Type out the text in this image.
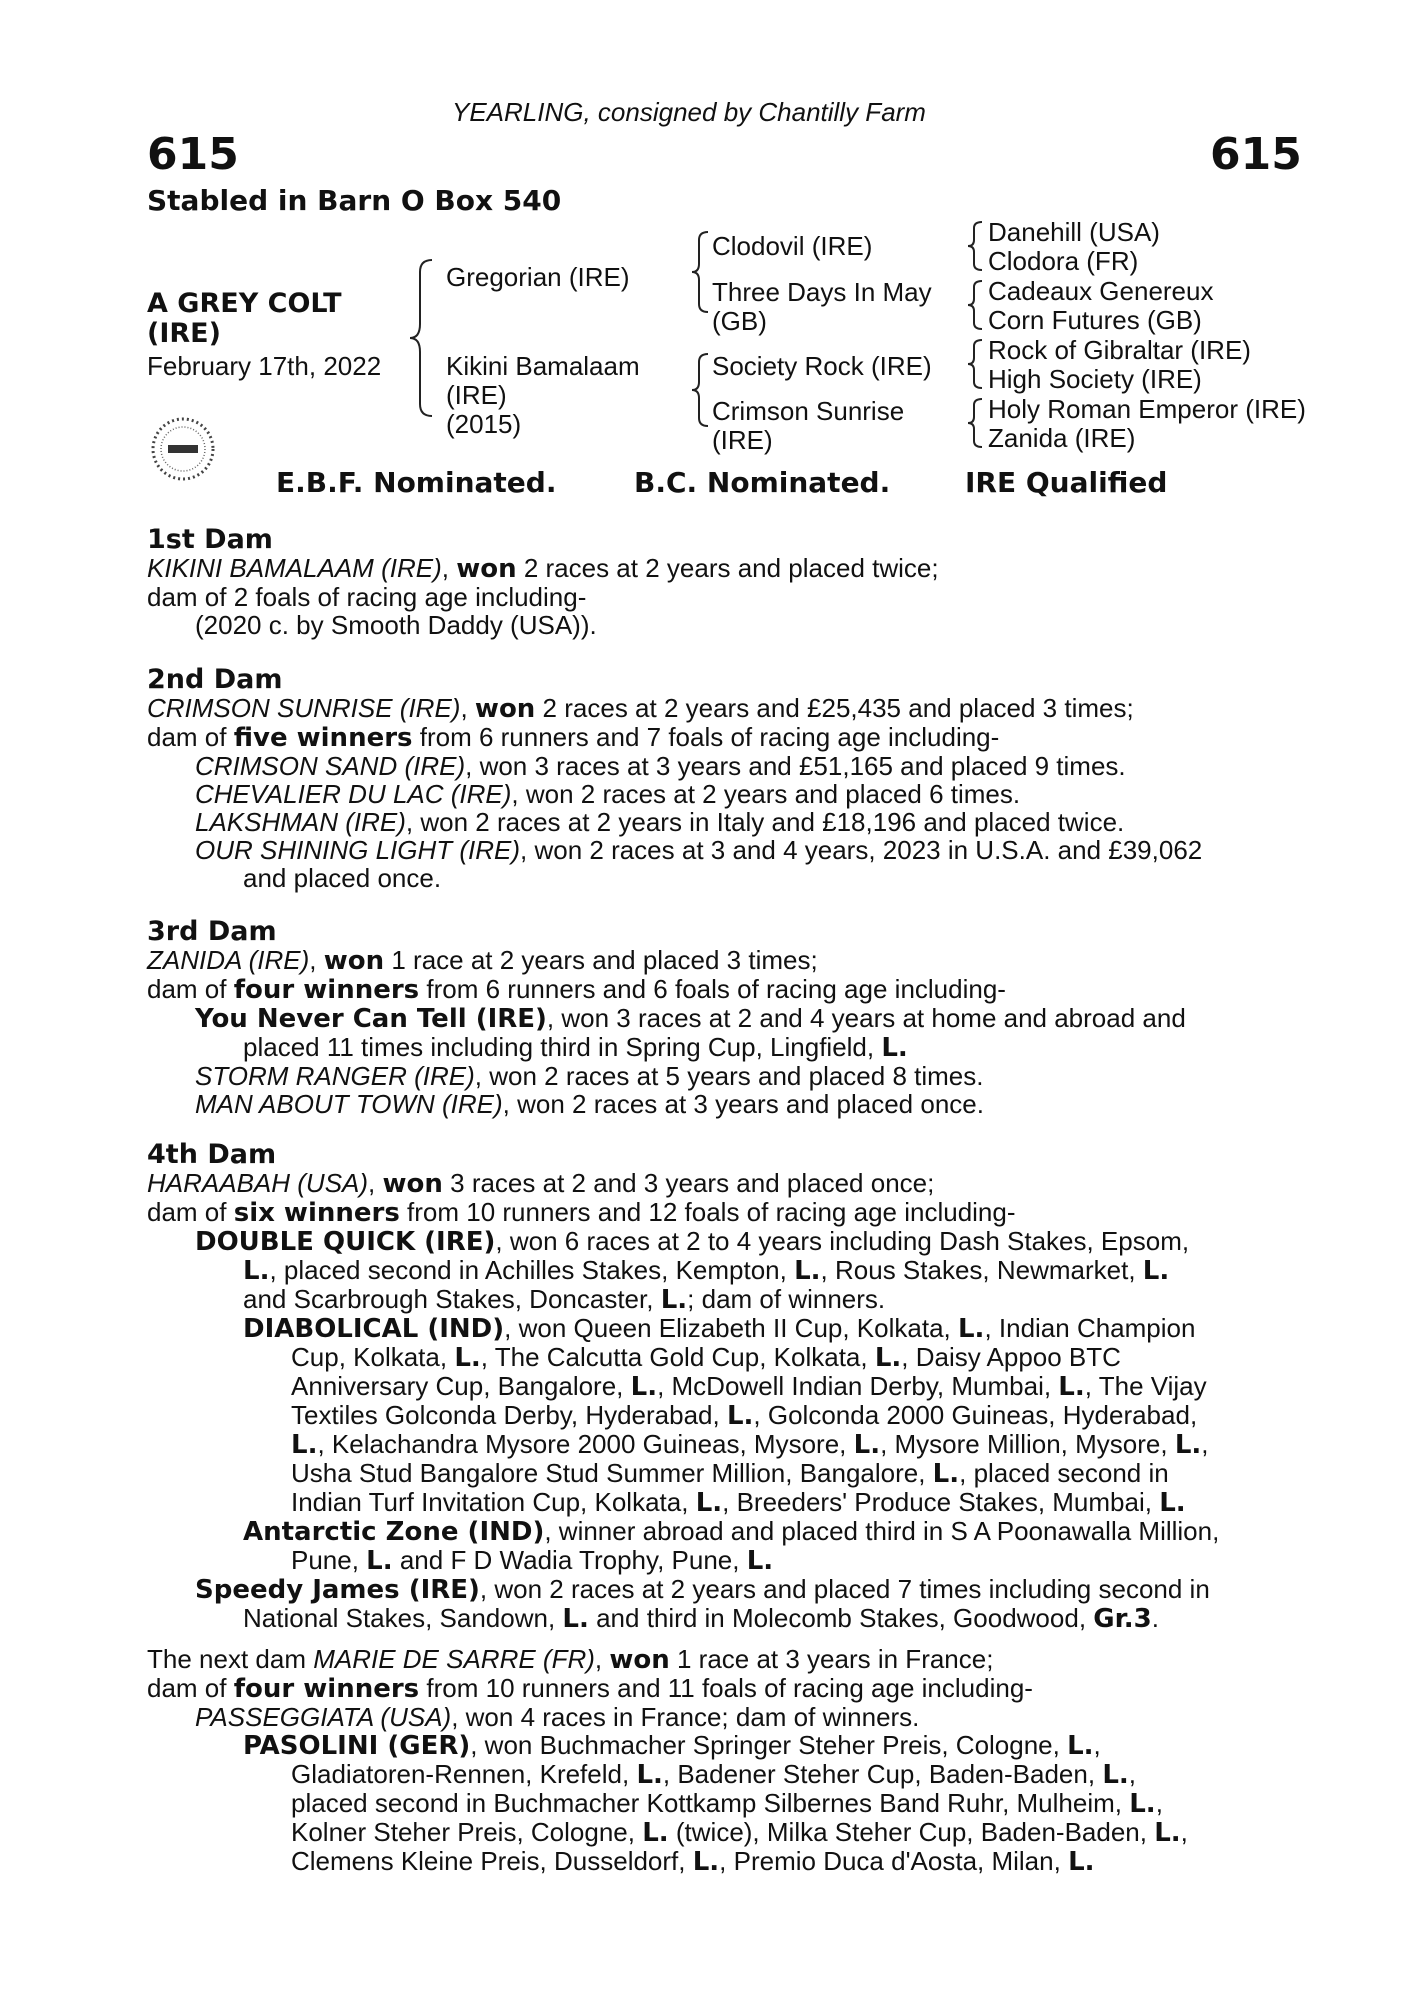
YEARLING, consigned by Chantilly Farm
615	615
Stabled in Barn O Box 540
A GREY COLT
(IRE)
February 17th, 2022
Gregorian (IRE)
Kikini Bamalaam
(IRE)
(2015)
Clodovil (IRE)
Three Days In May
(GB)
Society Rock (IRE)
Crimson Sunrise
(IRE)
Danehill (USA)
Clodora (FR)
Cadeaux Genereux
Corn Futures (GB)
Rock of Gibraltar (IRE)
High Society (IRE)
Holy Roman Emperor (IRE)
Zanida (IRE)
E.B.F. Nominated.	B.C. Nominated.	IRE Qualified
1st Dam
KIKINI BAMALAAM (IRE), won 2 races at 2 years and placed twice;
dam of 2 foals of racing age including-
(2020 c. by Smooth Daddy (USA)).
2nd Dam
CRIMSON SUNRISE (IRE), won 2 races at 2 years and £25,435 and placed 3 times;
dam of five winners from 6 runners and 7 foals of racing age including-
CRIMSON SAND (IRE), won 3 races at 3 years and £51,165 and placed 9 times.
CHEVALIER DU LAC (IRE), won 2 races at 2 years and placed 6 times.
LAKSHMAN (IRE), won 2 races at 2 years in Italy and £18,196 and placed twice.
OUR SHINING LIGHT (IRE), won 2 races at 3 and 4 years, 2023 in U.S.A. and £39,062
and placed once.
3rd Dam
ZANIDA (IRE), won 1 race at 2 years and placed 3 times;
dam of four winners from 6 runners and 6 foals of racing age including-
You Never Can Tell (IRE), won 3 races at 2 and 4 years at home and abroad and
placed 11 times including third in Spring Cup, Lingfield, L.
STORM RANGER (IRE), won 2 races at 5 years and placed 8 times.
MAN ABOUT TOWN (IRE), won 2 races at 3 years and placed once.
4th Dam
HARAABAH (USA), won 3 races at 2 and 3 years and placed once;
dam of six winners from 10 runners and 12 foals of racing age including-
DOUBLE QUICK (IRE), won 6 races at 2 to 4 years including Dash Stakes, Epsom,
L., placed second in Achilles Stakes, Kempton, L., Rous Stakes, Newmarket, L.
and Scarbrough Stakes, Doncaster, L.; dam of winners.
DIABOLICAL (IND), won Queen Elizabeth II Cup, Kolkata, L., Indian Champion
Cup, Kolkata, L., The Calcutta Gold Cup, Kolkata, L., Daisy Appoo BTC
Anniversary Cup, Bangalore, L., McDowell Indian Derby, Mumbai, L., The Vijay
Textiles Golconda Derby, Hyderabad, L., Golconda 2000 Guineas, Hyderabad,
L., Kelachandra Mysore 2000 Guineas, Mysore, L., Mysore Million, Mysore, L.,
Usha Stud Bangalore Stud Summer Million, Bangalore, L., placed second in
Indian Turf Invitation Cup, Kolkata, L., Breeders' Produce Stakes, Mumbai, L.
Antarctic Zone (IND), winner abroad and placed third in S A Poonawalla Million,
Pune, L. and F D Wadia Trophy, Pune, L.
Speedy James (IRE), won 2 races at 2 years and placed 7 times including second in
National Stakes, Sandown, L. and third in Molecomb Stakes, Goodwood, Gr.3.
The next dam MARIE DE SARRE (FR), won 1 race at 3 years in France;
dam of four winners from 10 runners and 11 foals of racing age including-
PASSEGGIATA (USA), won 4 races in France; dam of winners.
PASOLINI (GER), won Buchmacher Springer Steher Preis, Cologne, L.,
Gladiatoren-Rennen, Krefeld, L., Badener Steher Cup, Baden-Baden, L.,
placed second in Buchmacher Kottkamp Silbernes Band Ruhr, Mulheim, L.,
Kolner Steher Preis, Cologne, L. (twice), Milka Steher Cup, Baden-Baden, L.,
Clemens Kleine Preis, Dusseldorf, L., Premio Duca d'Aosta, Milan, L.
